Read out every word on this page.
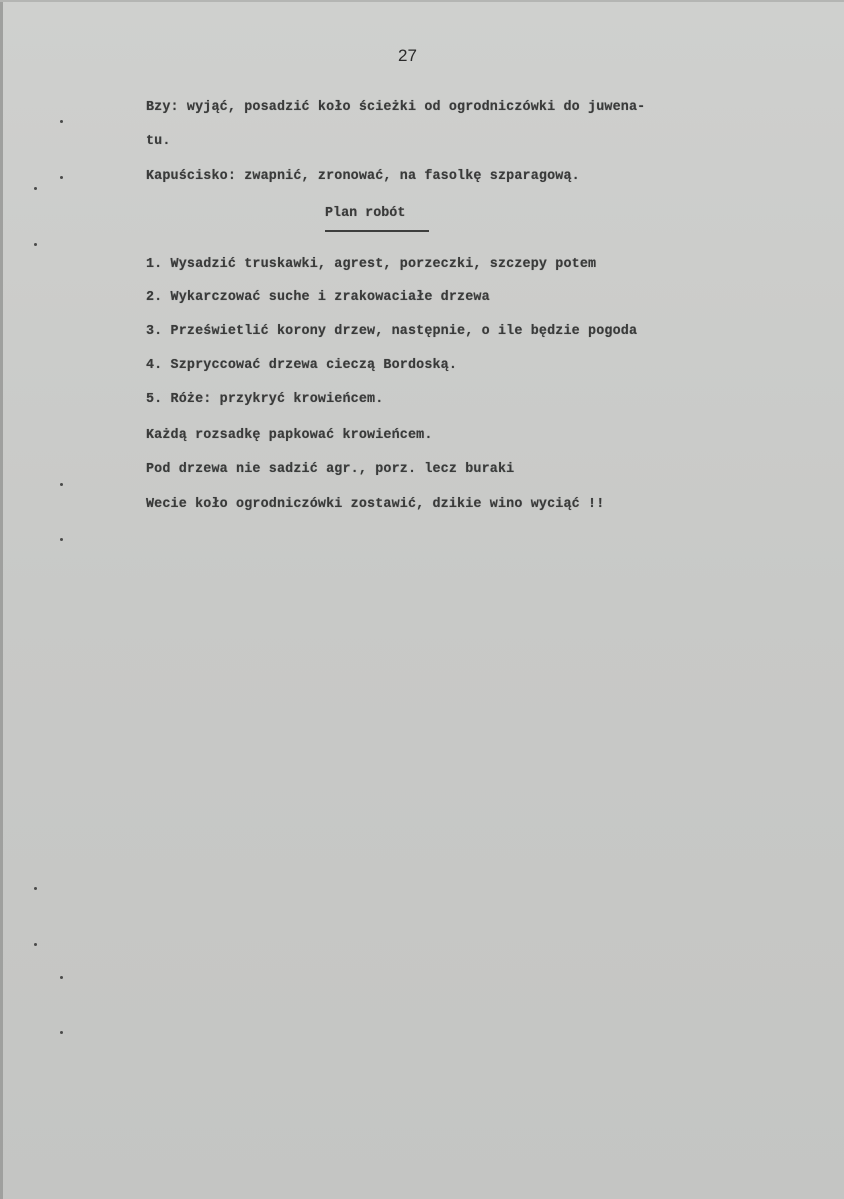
27
Bzy: wyjąć, posadzić koło ścieżki od ogrodniczówki do juwena-
tu.
Kapuścisko: zwapnić, zronować, na fasolkę szparagową.
Plan robót
1. Wysadzić truskawki, agrest, porzeczki, szczepy potem
2. Wykarczować suche i zrakowaciałe drzewa
3. Prześwietlić korony drzew, następnie, o ile będzie pogoda
4. Szpryccować drzewa cieczą Bordoską.
5. Róże: przykryć krowieńcem.
Każdą rozsadkę papkować krowieńcem.
Pod drzewa nie sadzić agr., porz. lecz buraki
Wecie koło ogrodniczówki zostawić, dzikie wino wyciąć !!
